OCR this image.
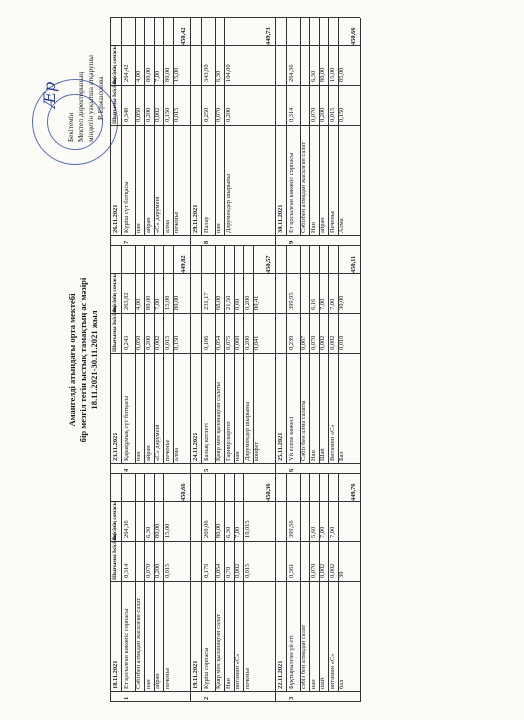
Амангелді атындағы орта мектебі бір мезгіл тегін ыстық тамақтың ас мәзірі 18.11.2021-30.11.2021 жыл
Ӕр
Бекітемін Мектеп директорының міндетін уақытша атқарушы Р. Ержанхкова
Шығымы Ікісінің
Ікісінің сомасы
1
18.11.2021 Ет қосылған көкөніс сорпасы
0,314
264,36
Сәбізбен алмадан жасалған салат нан
0,070
6,30
айран
0,200
80,00
печенье
0,015
15,00
450,66
2
19.11.2021 Күріш сорпасы
0,179
269,06
Қияр мен қызанақтан салат
0,054
80,00
Нан
0,70
6,30
витамин «С»
0,002
7,00
печенье
0,015
10,015
450,36
3
22.11.2021 Бұқтырылған үй еті
0,361
399,56
сәбіз бен алмадан салат нан
0,070
5,60
шай
0,002
7,00
витамин «С»
0,002
7,00
бал
30
449,76
Шығымы Ікісінің
Ікісінің сомасы
4
23.11.2021 Қарақұмық сүт ботқасы
0,243
263,82
нан
0,050
4,00
айран
0,200
80,00
«С» дәрумені
0,002
7,00
печенье
0,015
15,00
алма
0,150
80,00
449,82
5
24.11.2021 Балық котлеті
0,186
231,17
Қияр мен қызанақтан салаты
0,054
68,00
Гарнир:картоп
0,075
21,50
нан
0,060
0,60
Дәрумендер шырыны
0,200
0,200
конфет
0,041
00,41
450,57
6
25.11.2021 Үй есепе көжесі
0,239
399,95
Сәбіз бен алма салаты
0,067
Нан
0,070
6,16
Шай
0,002
7,00
Витамин «С»
0,002
7,00
Бал
0,010
30,00
450,11
Шығымы Ікісінің
Ікісінің сомасы
7
26.11.2021 Күріш сүт ботқасы
0,348
264,42
нан
0,050
4,00
айран
0,200
80,00
«С» дәрумені
0,002
7,00
алма
0,150
80,00
печенье
0,015
15,00
450,42
8
29.11.2021 Палау
0,250
343,90
нан
0,070
6,30
Дәрумендер шырыны
0,200
104,00
449,73
9
30.11.2021 Ет қосылған көкөніс сорпасы
0,314
264,36
Сәбізбен алмадан жасалған салат Нан
0,070
6,30
айран
0,200
80,00
Печенье
0,015
15,00
Алма
0,150
85,00
450,66
